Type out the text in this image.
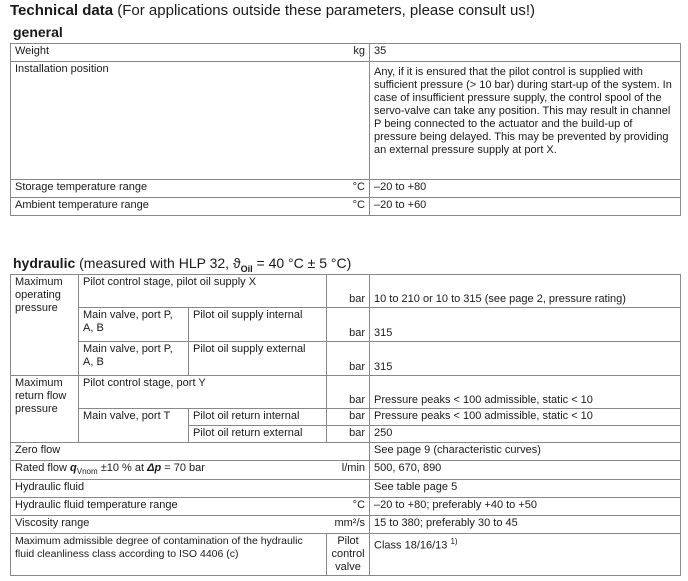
Technical data (For applications outside these parameters, please consult us!)
general
Weight kg	35
Installation position	Any, if it is ensured that the pilot control is supplied with sufficient pressure (> 10 bar) during start-up of the system. In case of insufficient pressure supply, the control spool of the servo-valve can take any position. This may result in channel P being connected to the actuator and the build-up of pressure being delayed. This may be prevented by providing an external pressure supply at port X.
Storage temperature range °C	–20 to +80
Ambient temperature range °C	–20 to +60
hydraulic (measured with HLP 32, $ϑ_{Oil} = 40$ °C ± 5 °C)
Maximum operating pressure	Pilot control stage, pilot oil supply X		bar	10 to 210 or 10 to 315 (see page 2, pressure rating)
	Main valve, port P, A, B	Pilot oil supply internal	bar	315
	Main valve, port P, A, B	Pilot oil supply external	bar	315
Maximum return flow pressure	Pilot control stage, port Y		bar	Pressure peaks < 100 admissible, static < 10
	Main valve, port T	Pilot oil return internal	bar	Pressure peaks < 100 admissible, static < 10
		Pilot oil return external	bar	250
Zero flow				See page 9 (characteristic curves)
Rated flow $q_{Vnom} \pm 10$ % at Δp = 70 bar l/min				500, 670, 890
Hydraulic fluid				See table page 5
Hydraulic fluid temperature range °C				–20 to +80; preferably +40 to +50
Viscosity range mm²/s				15 to 380; preferably 30 to 45
Maximum admissible degree of contamination of the hydraulic fluid cleanliness class according to ISO 4406 (c)			Pilot control valve	Class 18/16/13 $^{1)}$
